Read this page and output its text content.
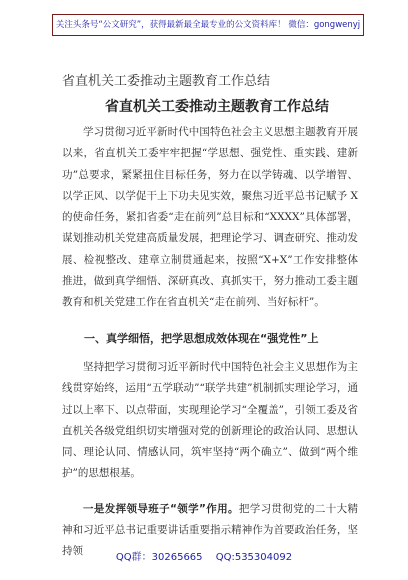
关注头条号“公文研究”，获得最新最全最专业的公文资料库！ 微信：gongwenyj
省直机关工委推动主题教育工作总结
省直机关工委推动主题教育工作总结

学习贯彻习近平新时代中国特色社会主义思想主题教育开展以来，省直机关工委牢牢把握“学思想、强党性、重实践、建新功”总要求，紧紧扭住目标任务，努力在以学铸魂、以学增智、以学正风、以学促干上下功夫见实效，聚焦习近平总书记赋予 X 的使命任务，紧扣省委“走在前列”总目标和“XXXX”具体部署，谋划推动机关党建高质量发展，把理论学习、调查研究、推动发展、检视整改、建章立制贯通起来，按照“X+X”工作安排整体推进，做到真学细悟、深研真改、真抓实干，努力推动工委主题教育和机关党建工作在省直机关“走在前列、当好标杆”。

一、真学细悟，把学思想成效体现在“强党性”上

坚持把学习贯彻习近平新时代中国特色社会主义思想作为主线贯穿始终，运用“五学联动”“联学共建”机制抓实理论学习，通过以上率下、以点带面，实现理论学习“全覆盖”，引领工委及省直机关各级党组织切实增强对党的创新理论的政治认同、思想认同、理论认同、情感认同，筑牢坚持“两个确立”、做到“两个维护”的思想根基。

一是发挥领导班子“领学”作用。把学习贯彻党的二十大精神和习近平总书记重要讲话重要指示精神作为首要政治任务，坚持领

QQ群：30265665 QQ:535304092
